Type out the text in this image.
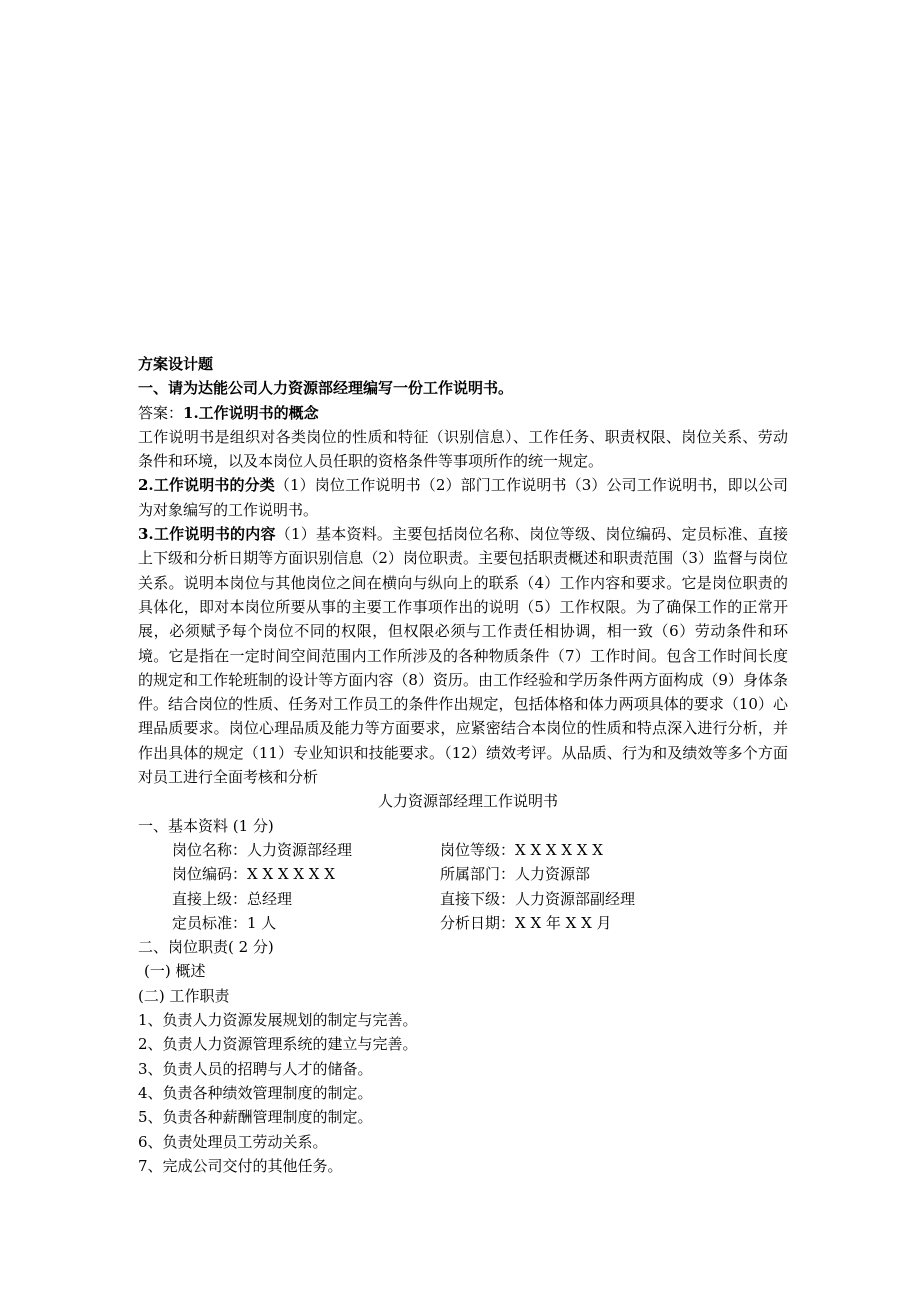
方案设计题
一、请为达能公司人力资源部经理编写一份工作说明书。
答案：1.工作说明书的概念
工作说明书是组织对各类岗位的性质和特征（识别信息）、工作任务、职责权限、岗位关系、劳动条件和环境，以及本岗位人员任职的资格条件等事项所作的统一规定。
2.工作说明书的分类（1）岗位工作说明书（2）部门工作说明书（3）公司工作说明书，即以公司为对象编写的工作说明书。
3.工作说明书的内容（1）基本资料。主要包括岗位名称、岗位等级、岗位编码、定员标准、直接上下级和分析日期等方面识别信息（2）岗位职责。主要包括职责概述和职责范围（3）监督与岗位关系。说明本岗位与其他岗位之间在横向与纵向上的联系（4）工作内容和要求。它是岗位职责的具体化，即对本岗位所要从事的主要工作事项作出的说明（5）工作权限。为了确保工作的正常开展，必须赋予每个岗位不同的权限，但权限必须与工作责任相协调，相一致（6）劳动条件和环境。它是指在一定时间空间范围内工作所涉及的各种物质条件（7）工作时间。包含工作时间长度的规定和工作轮班制的设计等方面内容（8）资历。由工作经验和学历条件两方面构成（9）身体条件。结合岗位的性质、任务对工作员工的条件作出规定，包括体格和体力两项具体的要求（10）心理品质要求。岗位心理品质及能力等方面要求，应紧密结合本岗位的性质和特点深入进行分析，并作出具体的规定（11）专业知识和技能要求。（12）绩效考评。从品质、行为和及绩效等多个方面对员工进行全面考核和分析
人力资源部经理工作说明书
一、基本资料 (1 分)
岗位名称：人力资源部经理	岗位等级：X X X X X X
岗位编码：X X X X X X	所属部门：人力资源部
直接上级：总经理	直接下级：人力资源部副经理
定员标准：1 人	分析日期：X X 年 X X 月
二、岗位职责( 2 分)
(一) 概述
(二) 工作职责
1、负责人力资源发展规划的制定与完善。
2、负责人力资源管理系统的建立与完善。
3、负责人员的招聘与人才的储备。
4、负责各种绩效管理制度的制定。
5、负责各种薪酬管理制度的制定。
6、负责处理员工劳动关系。
7、完成公司交付的其他任务。
